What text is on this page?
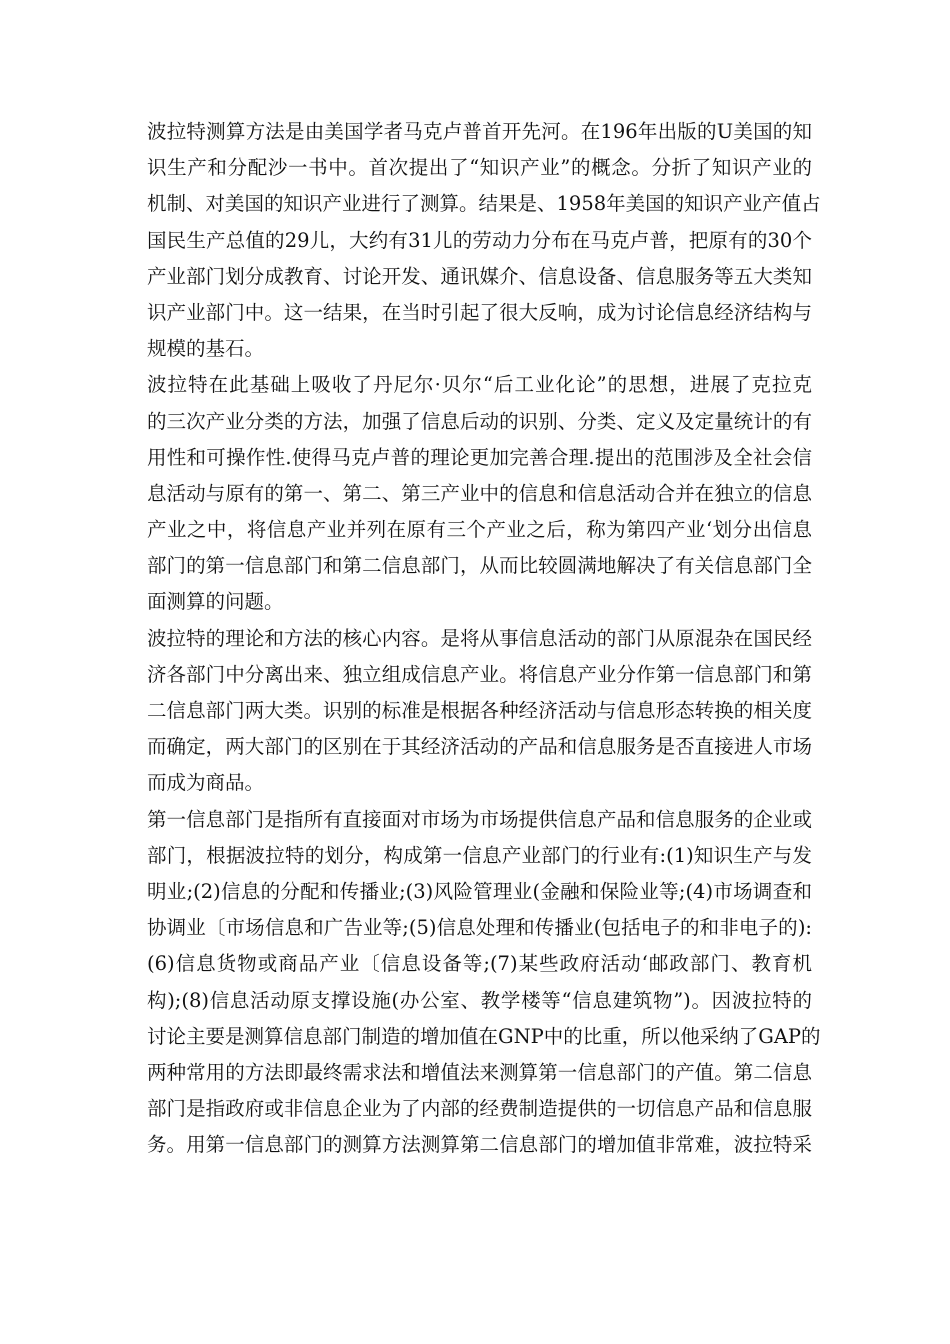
波拉特测算方法是由美国学者马克卢普首开先河。在196年出版的U美国的知
识生产和分配沙一书中。首次提出了“知识产业”的概念。分折了知识产业的
机制、对美国的知识产业进行了测算。结果是、1958年美国的知识产业产值占
国民生产总值的29儿，大约有31儿的劳动力分布在马克卢普，把原有的30个
产业部门划分成教育、讨论开发、通讯媒介、信息设备、信息服务等五大类知
识产业部门中。这一结果，在当时引起了很大反响，成为讨论信息经济结构与
规模的基石。
波拉特在此基础上吸收了丹尼尔·贝尔“后工业化论”的思想，进展了克拉克
的三次产业分类的方法，加强了信息后动的识别、分类、定义及定量统计的有
用性和可操作性.使得马克卢普的理论更加完善合理.提出的范围涉及全社会信
息活动与原有的第一、第二、第三产业中的信息和信息活动合并在独立的信息
产业之中，将信息产业并列在原有三个产业之后，称为第四产业‘划分出信息
部门的第一信息部门和第二信息部门，从而比较圆满地解决了有关信息部门全
面测算的问题。
波拉特的理论和方法的核心内容。是将从事信息活动的部门从原混杂在国民经
济各部门中分离出来、独立组成信息产业。将信息产业分作第一信息部门和第
二信息部门两大类。识别的标准是根据各种经济活动与信息形态转换的相关度
而确定，两大部门的区别在于其经济活动的产品和信息服务是否直接进人市场
而成为商品。
第一信息部门是指所有直接面对市场为市场提供信息产品和信息服务的企业或
部门，根据波拉特的划分，构成第一信息产业部门的行业有:(1)知识生产与发
明业;(2)信息的分配和传播业;(3)风险管理业(金融和保险业等;(4)市场调查和
协调业〔市场信息和广告业等;(5)信息处理和传播业(包括电子的和非电子的):
(6)信息货物或商品产业〔信息设备等;(7)某些政府活动‘邮政部门、教育机
构);(8)信息活动原支撑设施(办公室、教学楼等“信息建筑物”)。因波拉特的
讨论主要是测算信息部门制造的增加值在GNP中的比重，所以他采纳了GAP的
两种常用的方法即最终需求法和增值法来测算第一信息部门的产值。第二信息
部门是指政府或非信息企业为了内部的经费制造提供的一切信息产品和信息服
务。用第一信息部门的测算方法测算第二信息部门的增加值非常难，波拉特采
